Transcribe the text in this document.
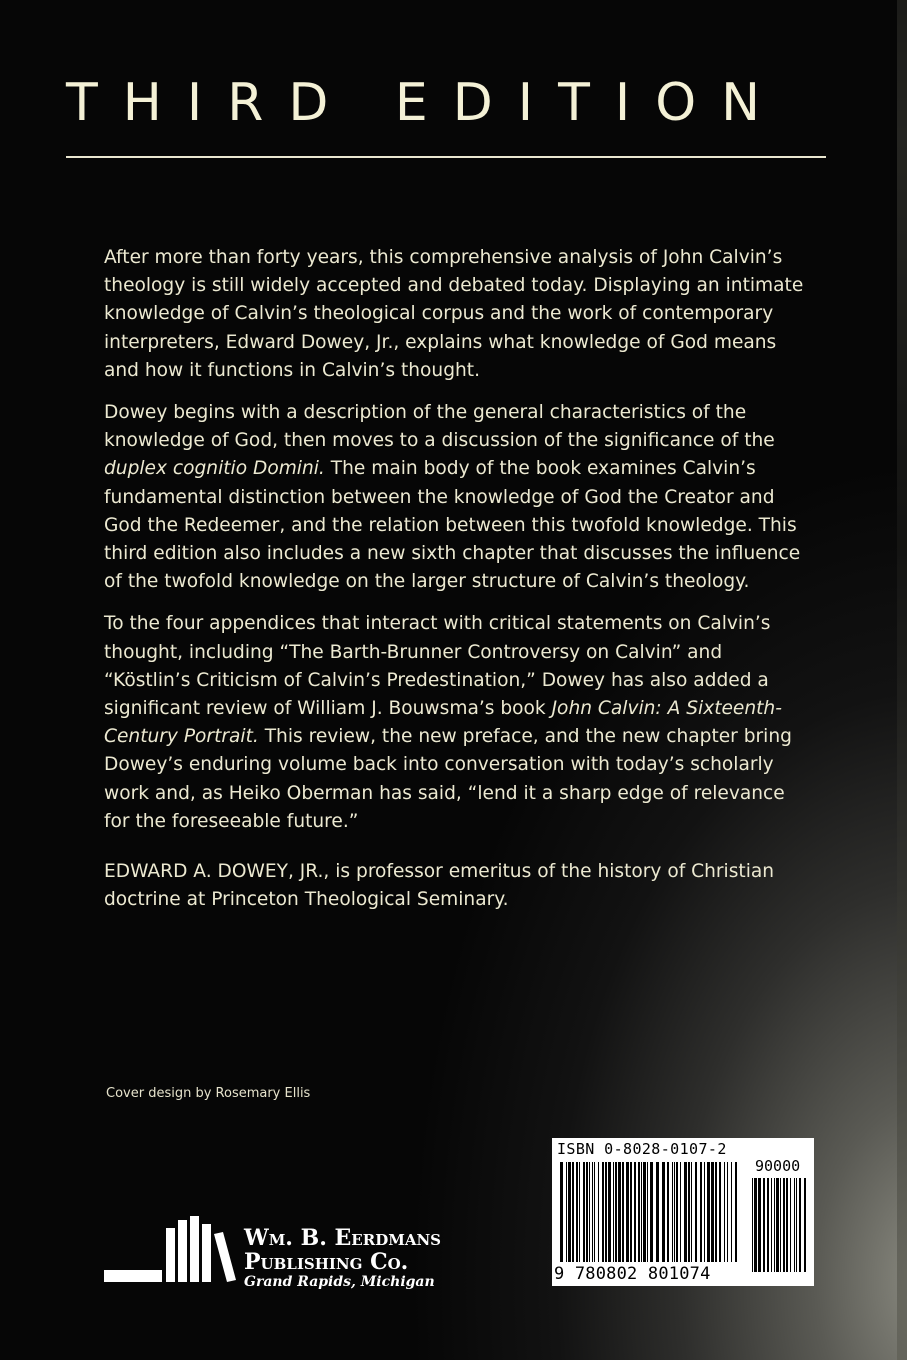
THIRD EDITION

After more than forty years, this comprehensive analysis of John Calvin’s theology is still widely accepted and debated today. Displaying an intimate knowledge of Calvin’s theological corpus and the work of contemporary interpreters, Edward Dowey, Jr., explains what knowledge of God means and how it functions in Calvin’s thought.

Dowey begins with a description of the general characteristics of the knowledge of God, then moves to a discussion of the significance of the duplex cognitio Domini. The main body of the book examines Calvin’s fundamental distinction between the knowledge of God the Creator and God the Redeemer, and the relation between this twofold knowledge. This third edition also includes a new sixth chapter that discusses the influence of the twofold knowledge on the larger structure of Calvin’s theology.

To the four appendices that interact with critical statements on Calvin’s thought, including “The Barth-Brunner Controversy on Calvin” and “Köstlin’s Criticism of Calvin’s Predestination,” Dowey has also added a significant review of William J. Bouwsma’s book John Calvin: A Sixteenth-Century Portrait. This review, the new preface, and the new chapter bring Dowey’s enduring volume back into conversation with today’s scholarly work and, as Heiko Oberman has said, “lend it a sharp edge of relevance for the foreseeable future.”

EDWARD A. DOWEY, JR., is professor emeritus of the history of Christian doctrine at Princeton Theological Seminary.

Cover design by Rosemary Ellis
Wm. B. Eerdmans
Publishing Co.
Grand Rapids, Michigan
ISBN 0-8028-0107-2
90000
9 780802 801074
